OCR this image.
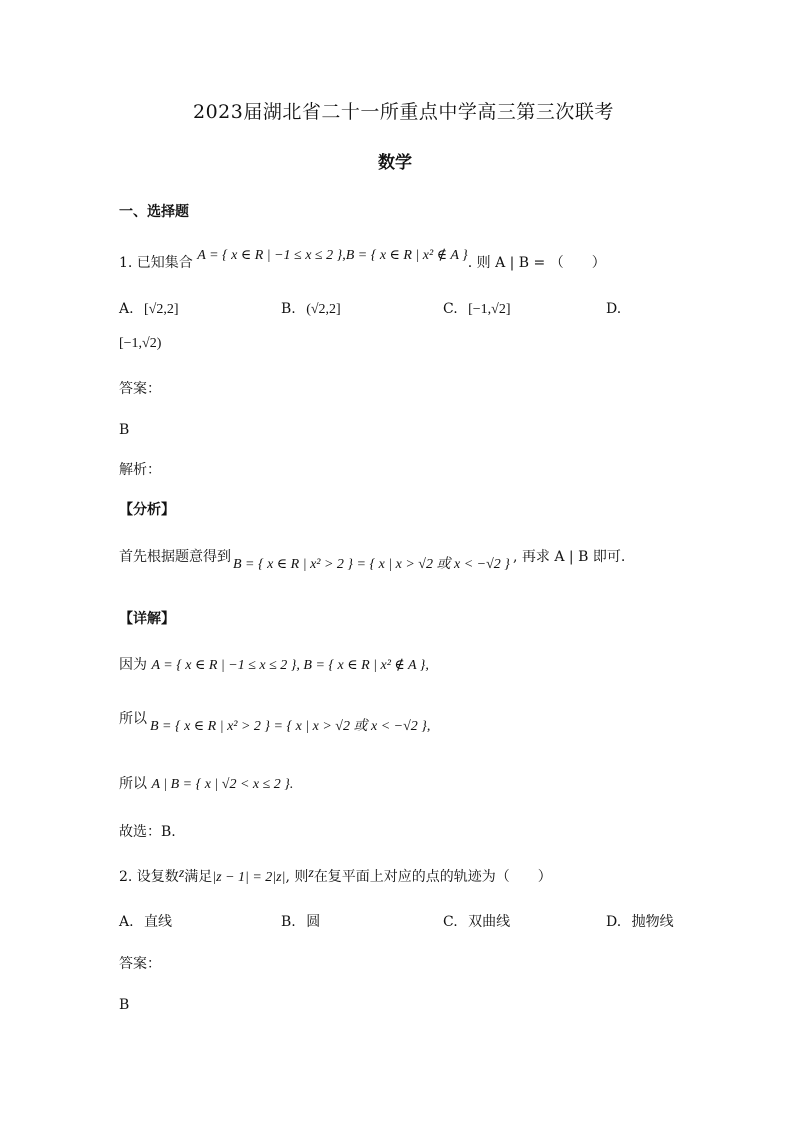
2023届湖北省二十一所重点中学高三第三次联考
数学
一、选择题
1. 已知集合 A = { x ∈ R | −1 ≤ x ≤ 2 },B = { x ∈ R | x² ∉ A }. 则 A | B = （　　）
A. [√2,2]	B. (√2,2]	C. [−1,√2]	D.
[−1,√2)
答案：
B
解析：
【分析】
首先根据题意得到 B = { x ∈ R | x² > 2 } = { x | x > √2 或 x < −√2 } , 再求 A | B 即可.
【详解】
因为 A = { x ∈ R | −1 ≤ x ≤ 2 }, B = { x ∈ R | x² ∉ A },
所以 B = { x ∈ R | x² > 2 } = { x | x > √2 或 x < −√2 },
所以 A | B = { x | √2 < x ≤ 2 }.
故选：B.
2. 设复数z满足|z − 1| = 2|z|, 则z在复平面上对应的点的轨迹为（　　）
A. 直线	B. 圆	C. 双曲线	D. 抛物线
答案：
B
